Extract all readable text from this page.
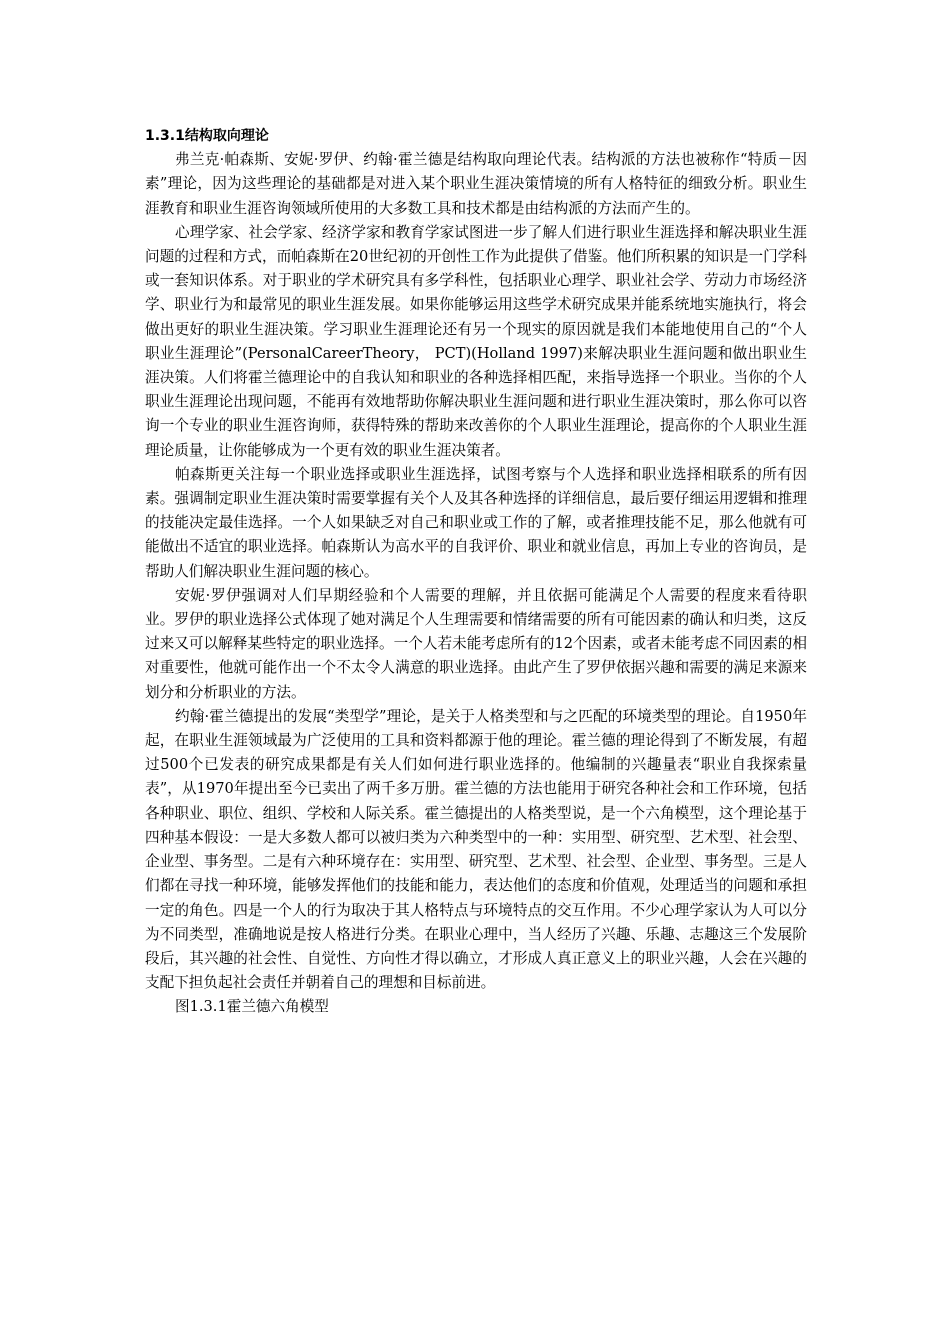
1.3.1结构取向理论

弗兰克·帕森斯、安妮·罗伊、约翰·霍兰德是结构取向理论代表。结构派的方法也被称作“特质－因素”理论，因为这些理论的基础都是对进入某个职业生涯决策情境的所有人格特征的细致分析。职业生涯教育和职业生涯咨询领域所使用的大多数工具和技术都是由结构派的方法而产生的。

心理学家、社会学家、经济学家和教育学家试图进一步了解人们进行职业生涯选择和解决职业生涯问题的过程和方式，而帕森斯在20世纪初的开创性工作为此提供了借鉴。他们所积累的知识是一门学科或一套知识体系。对于职业的学术研究具有多学科性，包括职业心理学、职业社会学、劳动力市场经济学、职业行为和最常见的职业生涯发展。如果你能够运用这些学术研究成果并能系统地实施执行，将会做出更好的职业生涯决策。学习职业生涯理论还有另一个现实的原因就是我们本能地使用自己的“个人职业生涯理论”(PersonalCareerTheory， PCT)(Holland 1997)来解决职业生涯问题和做出职业生涯决策。人们将霍兰德理论中的自我认知和职业的各种选择相匹配，来指导选择一个职业。当你的个人职业生涯理论出现问题，不能再有效地帮助你解决职业生涯问题和进行职业生涯决策时，那么你可以咨询一个专业的职业生涯咨询师，获得特殊的帮助来改善你的个人职业生涯理论，提高你的个人职业生涯理论质量，让你能够成为一个更有效的职业生涯决策者。

帕森斯更关注每一个职业选择或职业生涯选择，试图考察与个人选择和职业选择相联系的所有因素。强调制定职业生涯决策时需要掌握有关个人及其各种选择的详细信息，最后要仔细运用逻辑和推理的技能决定最佳选择。一个人如果缺乏对自己和职业或工作的了解，或者推理技能不足，那么他就有可能做出不适宜的职业选择。帕森斯认为高水平的自我评价、职业和就业信息，再加上专业的咨询员，是帮助人们解决职业生涯问题的核心。

安妮·罗伊强调对人们早期经验和个人需要的理解，并且依据可能满足个人需要的程度来看待职业。罗伊的职业选择公式体现了她对满足个人生理需要和情绪需要的所有可能因素的确认和归类，这反过来又可以解释某些特定的职业选择。一个人若未能考虑所有的12个因素，或者未能考虑不同因素的相对重要性，他就可能作出一个不太令人满意的职业选择。由此产生了罗伊依据兴趣和需要的满足来源来划分和分析职业的方法。

约翰·霍兰德提出的发展“类型学”理论，是关于人格类型和与之匹配的环境类型的理论。自1950年起，在职业生涯领域最为广泛使用的工具和资料都源于他的理论。霍兰德的理论得到了不断发展，有超过500个已发表的研究成果都是有关人们如何进行职业选择的。他编制的兴趣量表“职业自我探索量表”，从1970年提出至今已卖出了两千多万册。霍兰德的方法也能用于研究各种社会和工作环境，包括各种职业、职位、组织、学校和人际关系。霍兰德提出的人格类型说，是一个六角模型，这个理论基于四种基本假设：一是大多数人都可以被归类为六种类型中的一种：实用型、研究型、艺术型、社会型、企业型、事务型。二是有六种环境存在：实用型、研究型、艺术型、社会型、企业型、事务型。三是人们都在寻找一种环境，能够发挥他们的技能和能力，表达他们的态度和价值观，处理适当的问题和承担一定的角色。四是一个人的行为取决于其人格特点与环境特点的交互作用。不少心理学家认为人可以分为不同类型，准确地说是按人格进行分类。在职业心理中，当人经历了兴趣、乐趣、志趣这三个发展阶段后，其兴趣的社会性、自觉性、方向性才得以确立，才形成人真正意义上的职业兴趣，人会在兴趣的支配下担负起社会责任并朝着自己的理想和目标前进。

图1.3.1霍兰德六角模型
